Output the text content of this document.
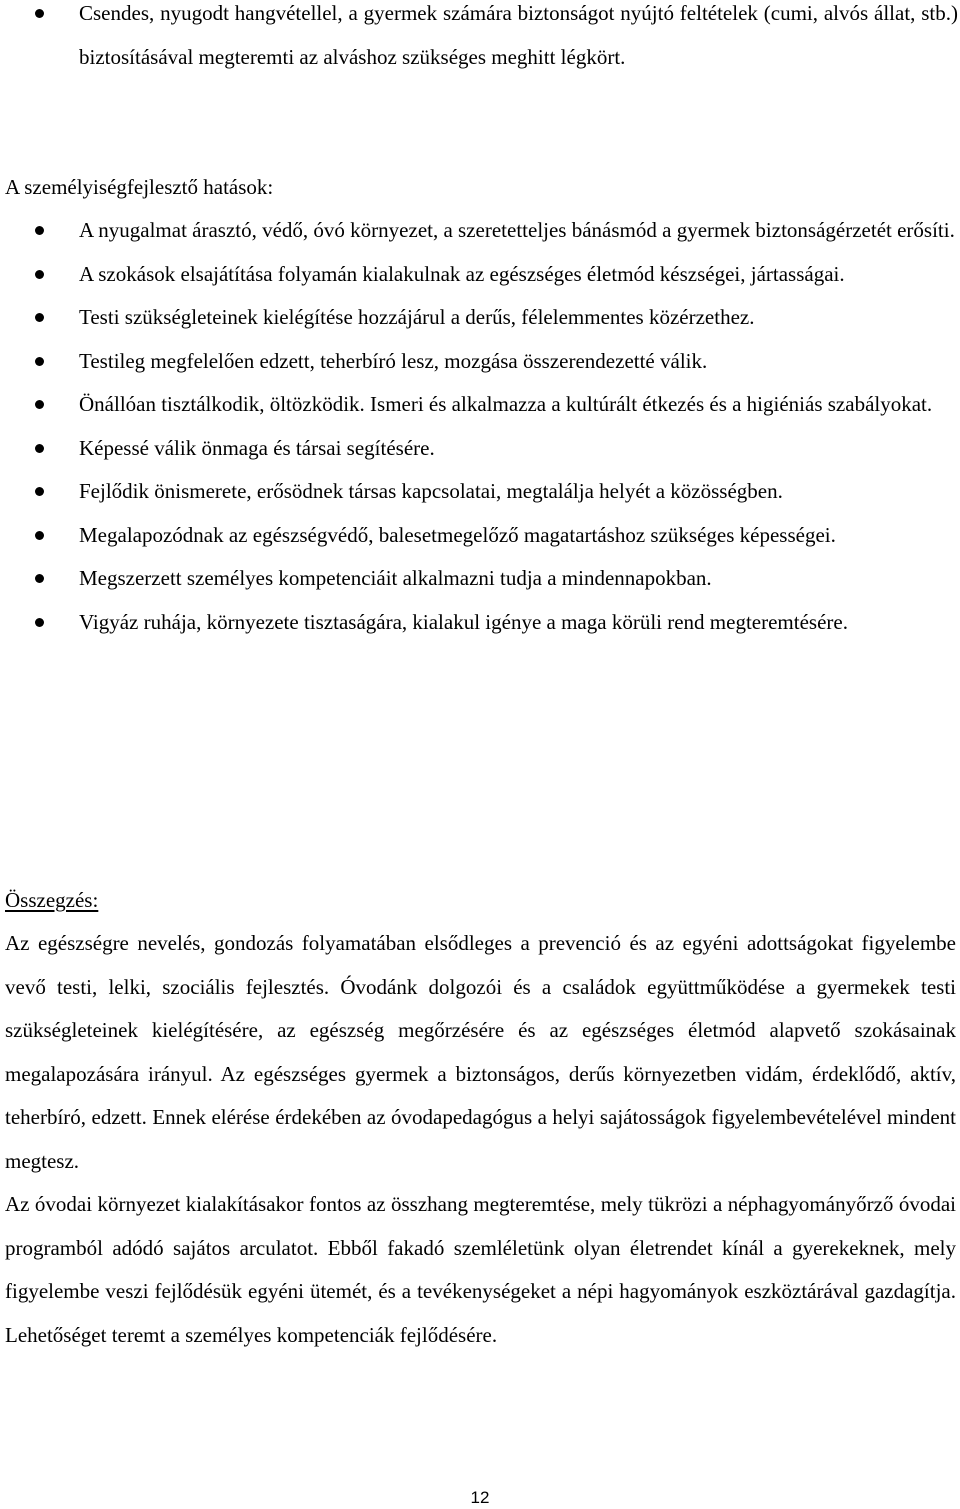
Csendes, nyugodt hangvétellel, a gyermek számára biztonságot nyújtó feltételek (cumi, alvós állat, stb.) biztosításával megteremti az alváshoz szükséges meghitt légkört.
A személyiségfejlesztő hatások:
A nyugalmat árasztó, védő, óvó környezet, a szeretetteljes bánásmód a gyermek biztonságérzetét erősíti.
A szokások elsajátítása folyamán kialakulnak az egészséges életmód készségei, jártasságai.
Testi szükségleteinek kielégítése hozzájárul a derűs, félelemmentes közérzethez.
Testileg megfelelően edzett, teherbíró lesz, mozgása összerendezetté válik.
Önállóan tisztálkodik, öltözködik. Ismeri és alkalmazza a kultúrált étkezés és a higiéniás szabályokat.
Képessé válik önmaga és társai segítésére.
Fejlődik önismerete, erősödnek társas kapcsolatai, megtalálja helyét a közösségben.
Megalapozódnak az egészségvédő, balesetmegelőző magatartáshoz szükséges képességei.
Megszerzett személyes kompetenciáit alkalmazni tudja a mindennapokban.
Vigyáz ruhája, környezete tisztaságára, kialakul igénye a maga körüli rend megteremtésére.
Összegzés:

Az egészségre nevelés, gondozás folyamatában elsődleges a prevenció és az egyéni adottságokat figyelembe vevő testi, lelki, szociális fejlesztés. Óvodánk dolgozói és a családok együttműködése a gyermekek testi szükségleteinek kielégítésére, az egészség megőrzésére és az egészséges életmód alapvető szokásainak megalapozására irányul. Az egészséges gyermek a biztonságos, derűs környezetben vidám, érdeklődő, aktív, teherbíró, edzett. Ennek elérése érdekében az óvodapedagógus a helyi sajátosságok figyelembevételével mindent megtesz.

Az óvodai környezet kialakításakor fontos az összhang megteremtése, mely tükrözi a néphagyományőrző óvodai programból adódó sajátos arculatot. Ebből fakadó szemléletünk olyan életrendet kínál a gyerekeknek, mely figyelembe veszi fejlődésük egyéni ütemét, és a tevékenységeket a népi hagyományok eszköztárával gazdagítja. Lehetőséget teremt a személyes kompetenciák fejlődésére.

12
